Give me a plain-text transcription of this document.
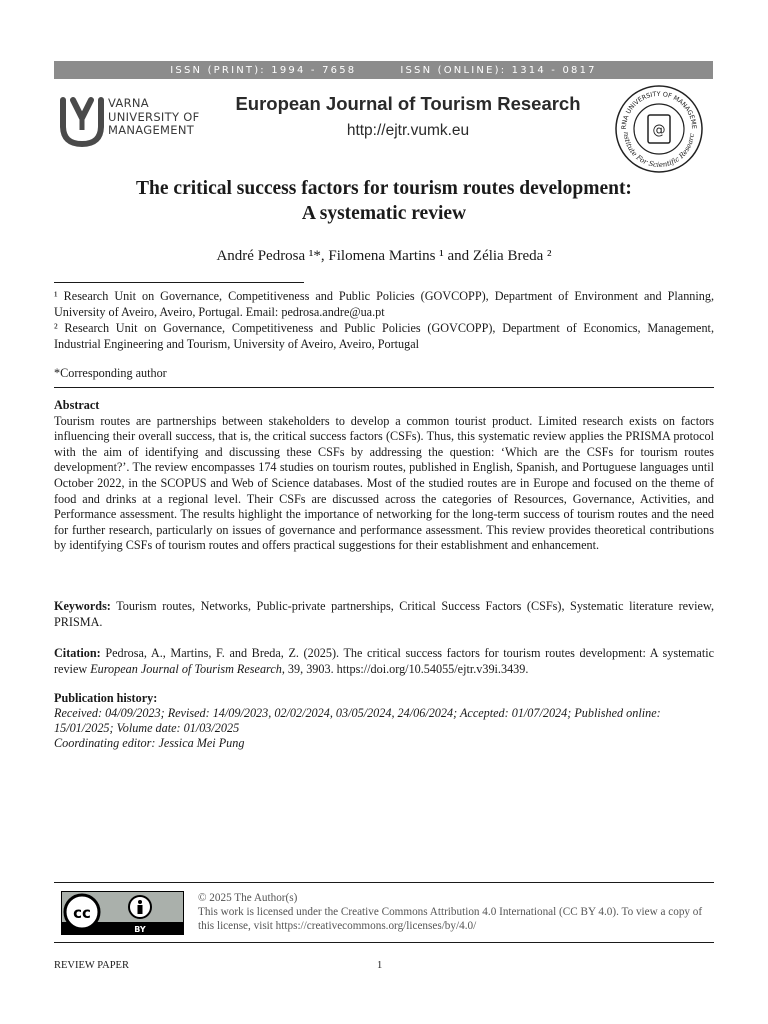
ISSN (PRINT): 1994 - 7658	ISSN (ONLINE): 1314 - 0817
VARNA
UNIVERSITY OF
MANAGEMENT
European Journal of Tourism Research
http://ejtr.vumk.eu	RNA UNIVERSITY OF MANAGEME
nstitute For Scientific Researc
@
The critical success factors for tourism routes development:
A systematic review
André Pedrosa ¹*, Filomena Martins ¹ and Zélia Breda ²

¹ Research Unit on Governance, Competitiveness and Public Policies (GOVCOPP), Department of Environment and Planning, University of Aveiro, Aveiro, Portugal. Email: pedrosa.andre@ua.pt

² Research Unit on Governance, Competitiveness and Public Policies (GOVCOPP), Department of Economics, Management, Industrial Engineering and Tourism, University of Aveiro, Aveiro, Portugal

*Corresponding author
Abstract
Tourism routes are partnerships between stakeholders to develop a common tourist product. Limited research exists on factors influencing their overall success, that is, the critical success factors (CSFs). Thus, this systematic review applies the PRISMA protocol with the aim of identifying and discussing these CSFs by addressing the question: ‘Which are the CSFs for tourism routes development?’. The review encompasses 174 studies on tourism routes, published in English, Spanish, and Portuguese languages until October 2022, in the SCOPUS and Web of Science databases. Most of the studied routes are in Europe and focused on the theme of food and drinks at a regional level. Their CSFs are discussed across the categories of Resources, Governance, Activities, and Performance assessment. The results highlight the importance of networking for the long-term success of tourism routes and the need for further research, particularly on issues of governance and performance assessment. This review provides theoretical contributions by identifying CSFs of tourism routes and offers practical suggestions for their establishment and enhancement.
Keywords: Tourism routes, Networks, Public-private partnerships, Critical Success Factors (CSFs), Systematic literature review, PRISMA.
Citation: Pedrosa, A., Martins, F. and Breda, Z. (2025). The critical success factors for tourism routes development: A systematic review European Journal of Tourism Research, 39, 3903. https://doi.org/10.54055/ejtr.v39i.3439.
Publication history:
Received: 04/09/2023; Revised: 14/09/2023, 02/02/2024, 03/05/2024, 24/06/2024; Accepted: 01/07/2024; Published online: 15/01/2025; Volume date: 01/03/2025
Coordinating editor: Jessica Mei Pung
cc
BY
© 2025 The Author(s)
This work is licensed under the Creative Commons Attribution 4.0 International (CC BY 4.0). To view a copy of this license, visit https://creativecommons.org/licenses/by/4.0/
REVIEW PAPER	1
